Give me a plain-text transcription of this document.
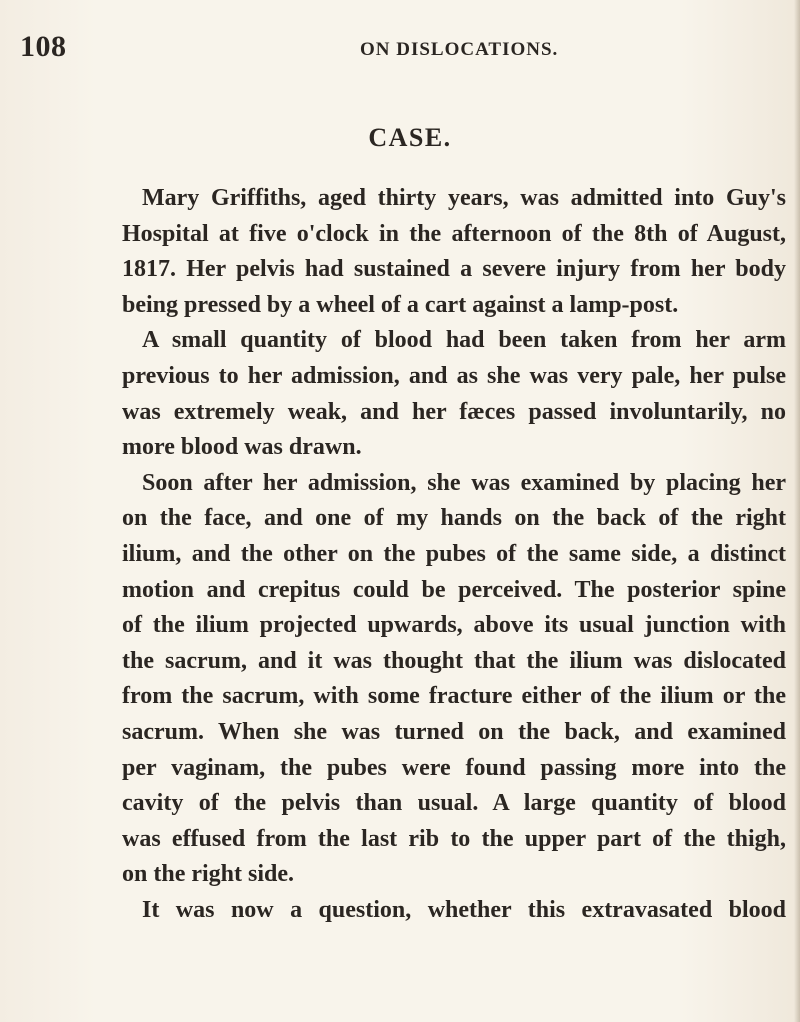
108	ON DISLOCATIONS.
CASE.
Mary Griffiths, aged thirty years, was admitted into Guy's
Hospital at five o'clock in the afternoon of the 8th of August,
1817. Her pelvis had sustained a severe injury from her body
being pressed by a wheel of a cart against a lamp-post.
A small quantity of blood had been taken from her arm
previous to her admission, and as she was very pale, her pulse
was extremely weak, and her fæces passed involuntarily, no
more blood was drawn.
Soon after her admission, she was examined by placing her
on the face, and one of my hands on the back of the right
ilium, and the other on the pubes of the same side, a distinct
motion and crepitus could be perceived. The posterior spine
of the ilium projected upwards, above its usual junction with
the sacrum, and it was thought that the ilium was dislocated
from the sacrum, with some fracture either of the ilium or the
sacrum. When she was turned on the back, and examined
per vaginam, the pubes were found passing more into the
cavity of the pelvis than usual. A large quantity of blood
was effused from the last rib to the upper part of the thigh,
on the right side.
It was now a question, whether this extravasated blood
